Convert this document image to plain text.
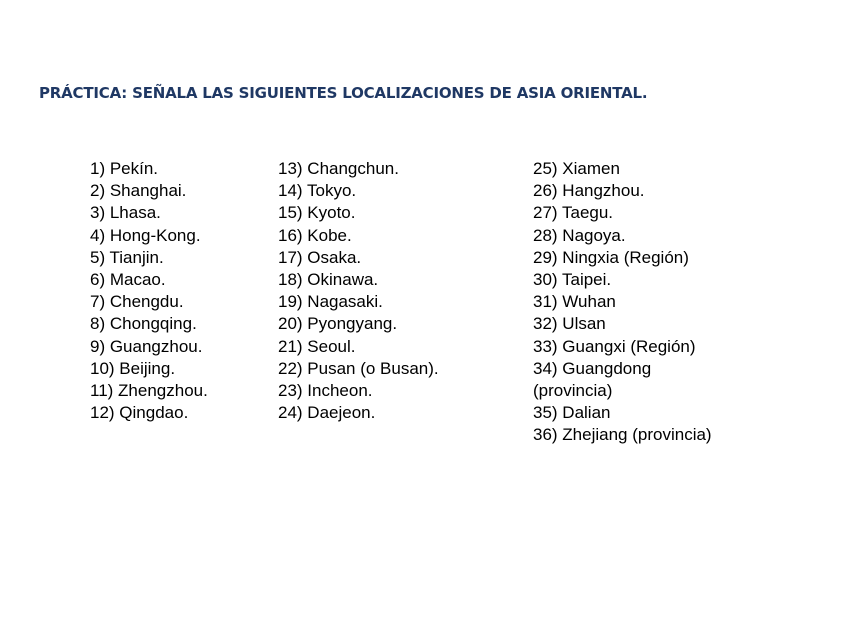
PRÁCTICA: SEÑALA LAS SIGUIENTES LOCALIZACIONES DE ASIA ORIENTAL.
1) Pekín.
2) Shanghai.
3) Lhasa.
4) Hong-Kong.
5) Tianjin.
6) Macao.
7) Chengdu.
8) Chongqing.
9) Guangzhou.
10) Beijing.
11) Zhengzhou.
12) Qingdao.
13) Changchun.
14) Tokyo.
15) Kyoto.
16) Kobe.
17) Osaka.
18) Okinawa.
19) Nagasaki.
20) Pyongyang.
21) Seoul.
22) Pusan (o Busan).
23) Incheon.
24) Daejeon.
25) Xiamen
26) Hangzhou.
27) Taegu.
28) Nagoya.
29) Ningxia (Región)
30) Taipei.
31) Wuhan
32) Ulsan
33) Guangxi (Región)
34) Guangdong
(provincia)
35) Dalian
36) Zhejiang (provincia)
